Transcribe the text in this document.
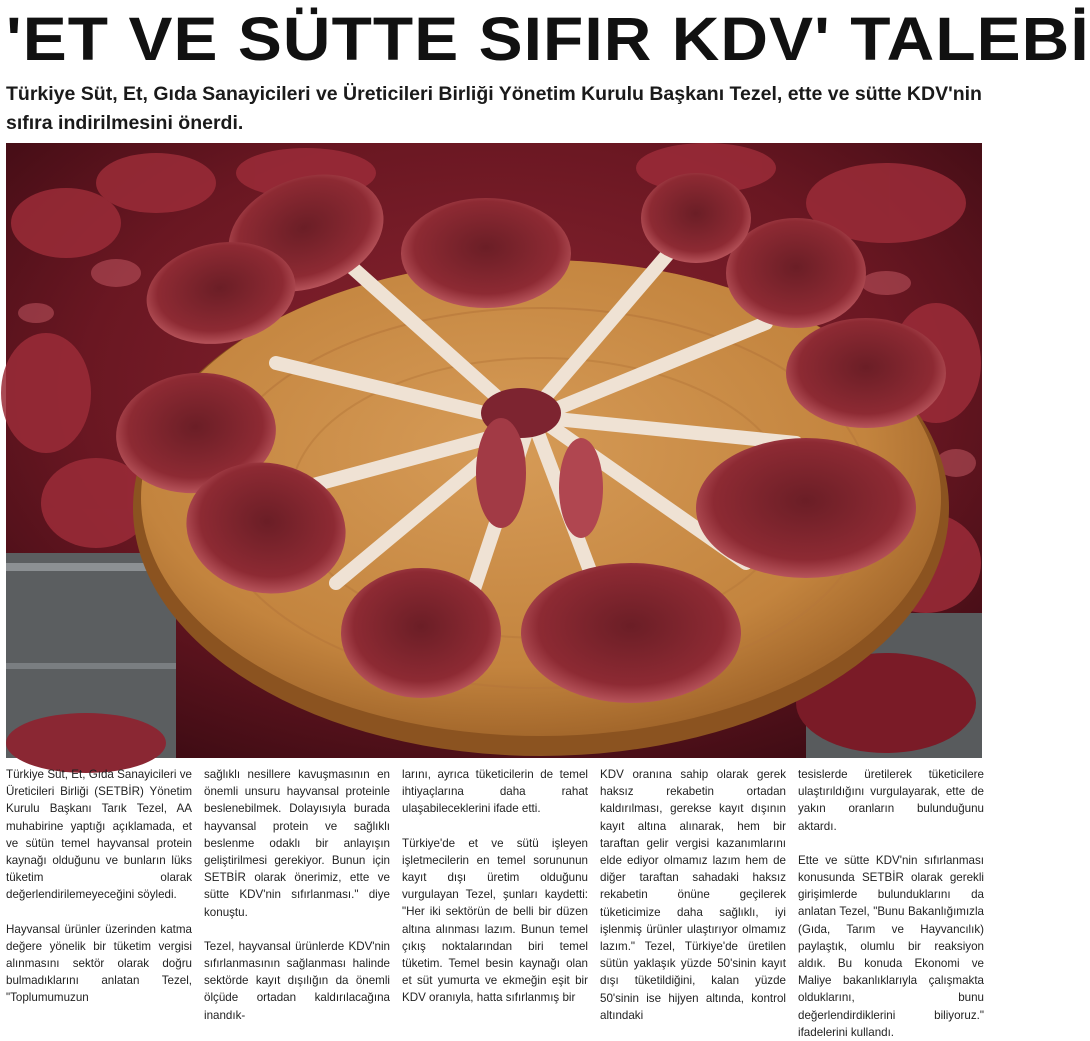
'ET VE SÜTTE SIFIR KDV' TALEBİ
Türkiye Süt, Et, Gıda Sanayicileri ve Üreticileri Birliği Yönetim Kurulu Başkanı Tezel, ette ve sütte KDV'nin sıfıra indirilmesini önerdi.

Türkiye Süt, Et, Gıda Sanayicileri ve Üreticileri Birliği (SETBİR) Yönetim Kurulu Başkanı Tarık Tezel, AA muhabirine yaptığı açıklamada, et ve sütün temel hayvansal protein kaynağı olduğunu ve bunların lüks tüketim olarak değerlendirilemeyeceğini söyledi.

Hayvansal ürünler üzerinden katma değere yönelik bir tüketim vergisi alınmasını sektör olarak doğru bulmadıklarını anlatan Tezel, "Toplumumuzun

sağlıklı nesillere kavuşmasının en önemli unsuru hayvansal proteinle beslenebilmek. Dolayısıyla burada hayvansal protein ve sağlıklı beslenme odaklı bir anlayışın geliştirilmesi gerekiyor. Bunun için SETBİR olarak önerimiz, ette ve sütte KDV'nin sıfırlanması." diye konuştu.

Tezel, hayvansal ürünlerde KDV'nin sıfırlanmasının sağlanması halinde sektörde kayıt dışılığın da önemli ölçüde ortadan kaldırılacağına inandık-

larını, ayrıca tüketicilerin de temel ihtiyaçlarına daha rahat ulaşabileceklerini ifade etti.

Türkiye'de et ve sütü işleyen işletmecilerin en temel sorununun kayıt dışı üretim olduğunu vurgulayan Tezel, şunları kaydetti: "Her iki sektörün de belli bir düzen altına alınması lazım. Bunun temel çıkış noktalarından biri temel tüketim. Temel besin kaynağı olan et süt yumurta ve ekmeğin eşit bir KDV oranıyla, hatta sıfırlanmış bir

KDV oranına sahip olarak gerek haksız rekabetin ortadan kaldırılması, gerekse kayıt dışının kayıt altına alınarak, hem bir taraftan gelir vergisi kazanımlarını elde ediyor olmamız lazım hem de diğer taraftan sahadaki haksız rekabetin önüne geçilerek tüketicimize daha sağlıklı, iyi işlenmiş ürünler ulaştırıyor olmamız lazım." Tezel, Türkiye'de üretilen sütün yaklaşık yüzde 50'sinin kayıt dışı tüketildiğini, kalan yüzde 50'sinin ise hijyen altında, kontrol altındaki

tesislerde üretilerek tüketicilere ulaştırıldığını vurgulayarak, ette de yakın oranların bulunduğunu aktardı.

Ette ve sütte KDV'nin sıfırlanması konusunda SETBİR olarak gerekli girişimlerde bulunduklarını da anlatan Tezel, "Bunu Bakanlığımızla (Gıda, Tarım ve Hayvancılık) paylaştık, olumlu bir reaksiyon aldık. Bu konuda Ekonomi ve Maliye bakanlıklarıyla çalışmakta olduklarını, bunu değerlendirdiklerini biliyoruz." ifadelerini kullandı.
